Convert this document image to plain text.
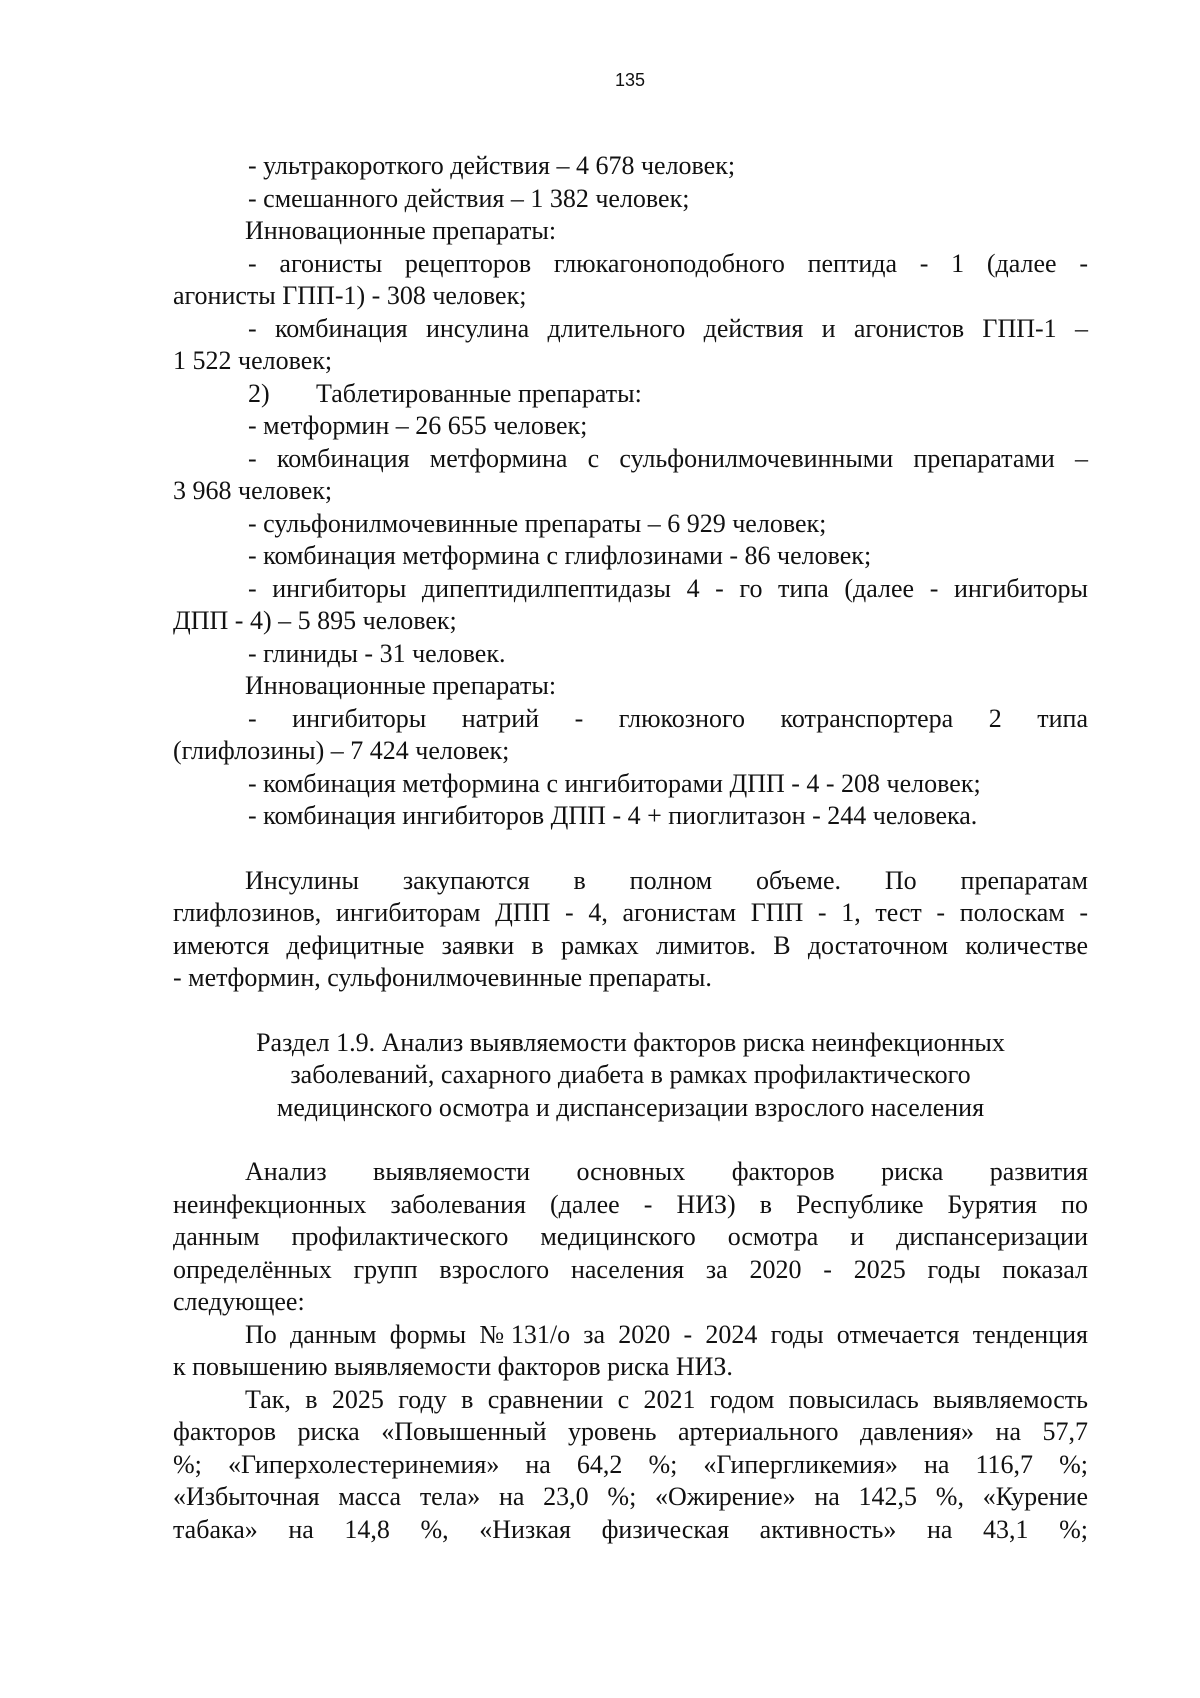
135
- ультракороткого действия – 4 678 человек;
- смешанного действия – 1 382 человек;
Инновационные препараты:
- агонисты рецепторов глюкагоноподобного пептида - 1 (далее -
агонисты ГПП-1) - 308 человек;
- комбинация инсулина длительного действия и агонистов ГПП-1 –
1 522 человек;
2) Таблетированные препараты:
- метформин – 26 655 человек;
- комбинация метформина с сульфонилмочевинными препаратами –
3 968 человек;
- сульфонилмочевинные препараты – 6 929 человек;
- комбинация метформина с глифлозинами - 86 человек;
- ингибиторы дипептидилпептидазы 4 - го типа (далее - ингибиторы
ДПП - 4) – 5 895 человек;
- глиниды - 31 человек.
Инновационные препараты:
- ингибиторы натрий - глюкозного котранспортера 2 типа
(глифлозины) – 7 424 человек;
- комбинация метформина с ингибиторами ДПП - 4 - 208 человек;
- комбинация ингибиторов ДПП - 4 + пиоглитазон - 244 человека.
Инсулины закупаются в полном объеме. По препаратам
глифлозинов, ингибиторам ДПП - 4, агонистам ГПП - 1, тест - полоскам -
имеются дефицитные заявки в рамках лимитов. В достаточном количестве
- метформин, сульфонилмочевинные препараты.
Раздел 1.9. Анализ выявляемости факторов риска неинфекционных
заболеваний, сахарного диабета в рамках профилактического
медицинского осмотра и диспансеризации взрослого населения
Анализ выявляемости основных факторов риска развития
неинфекционных заболевания (далее - НИЗ) в Республике Бурятия по
данным профилактического медицинского осмотра и диспансеризации
определённых групп взрослого населения за 2020 - 2025 годы показал
следующее:
По данным формы №131/о за 2020 - 2024 годы отмечается тенденция
к повышению выявляемости факторов риска НИЗ.
Так, в 2025 году в сравнении с 2021 годом повысилась выявляемость
факторов риска «Повышенный уровень артериального давления» на 57,7
%; «Гиперхолестеринемия» на 64,2 %; «Гипергликемия» на 116,7 %;
«Избыточная масса тела» на 23,0 %; «Ожирение» на 142,5 %, «Курение
табака» на 14,8 %, «Низкая физическая активность» на 43,1 %;
